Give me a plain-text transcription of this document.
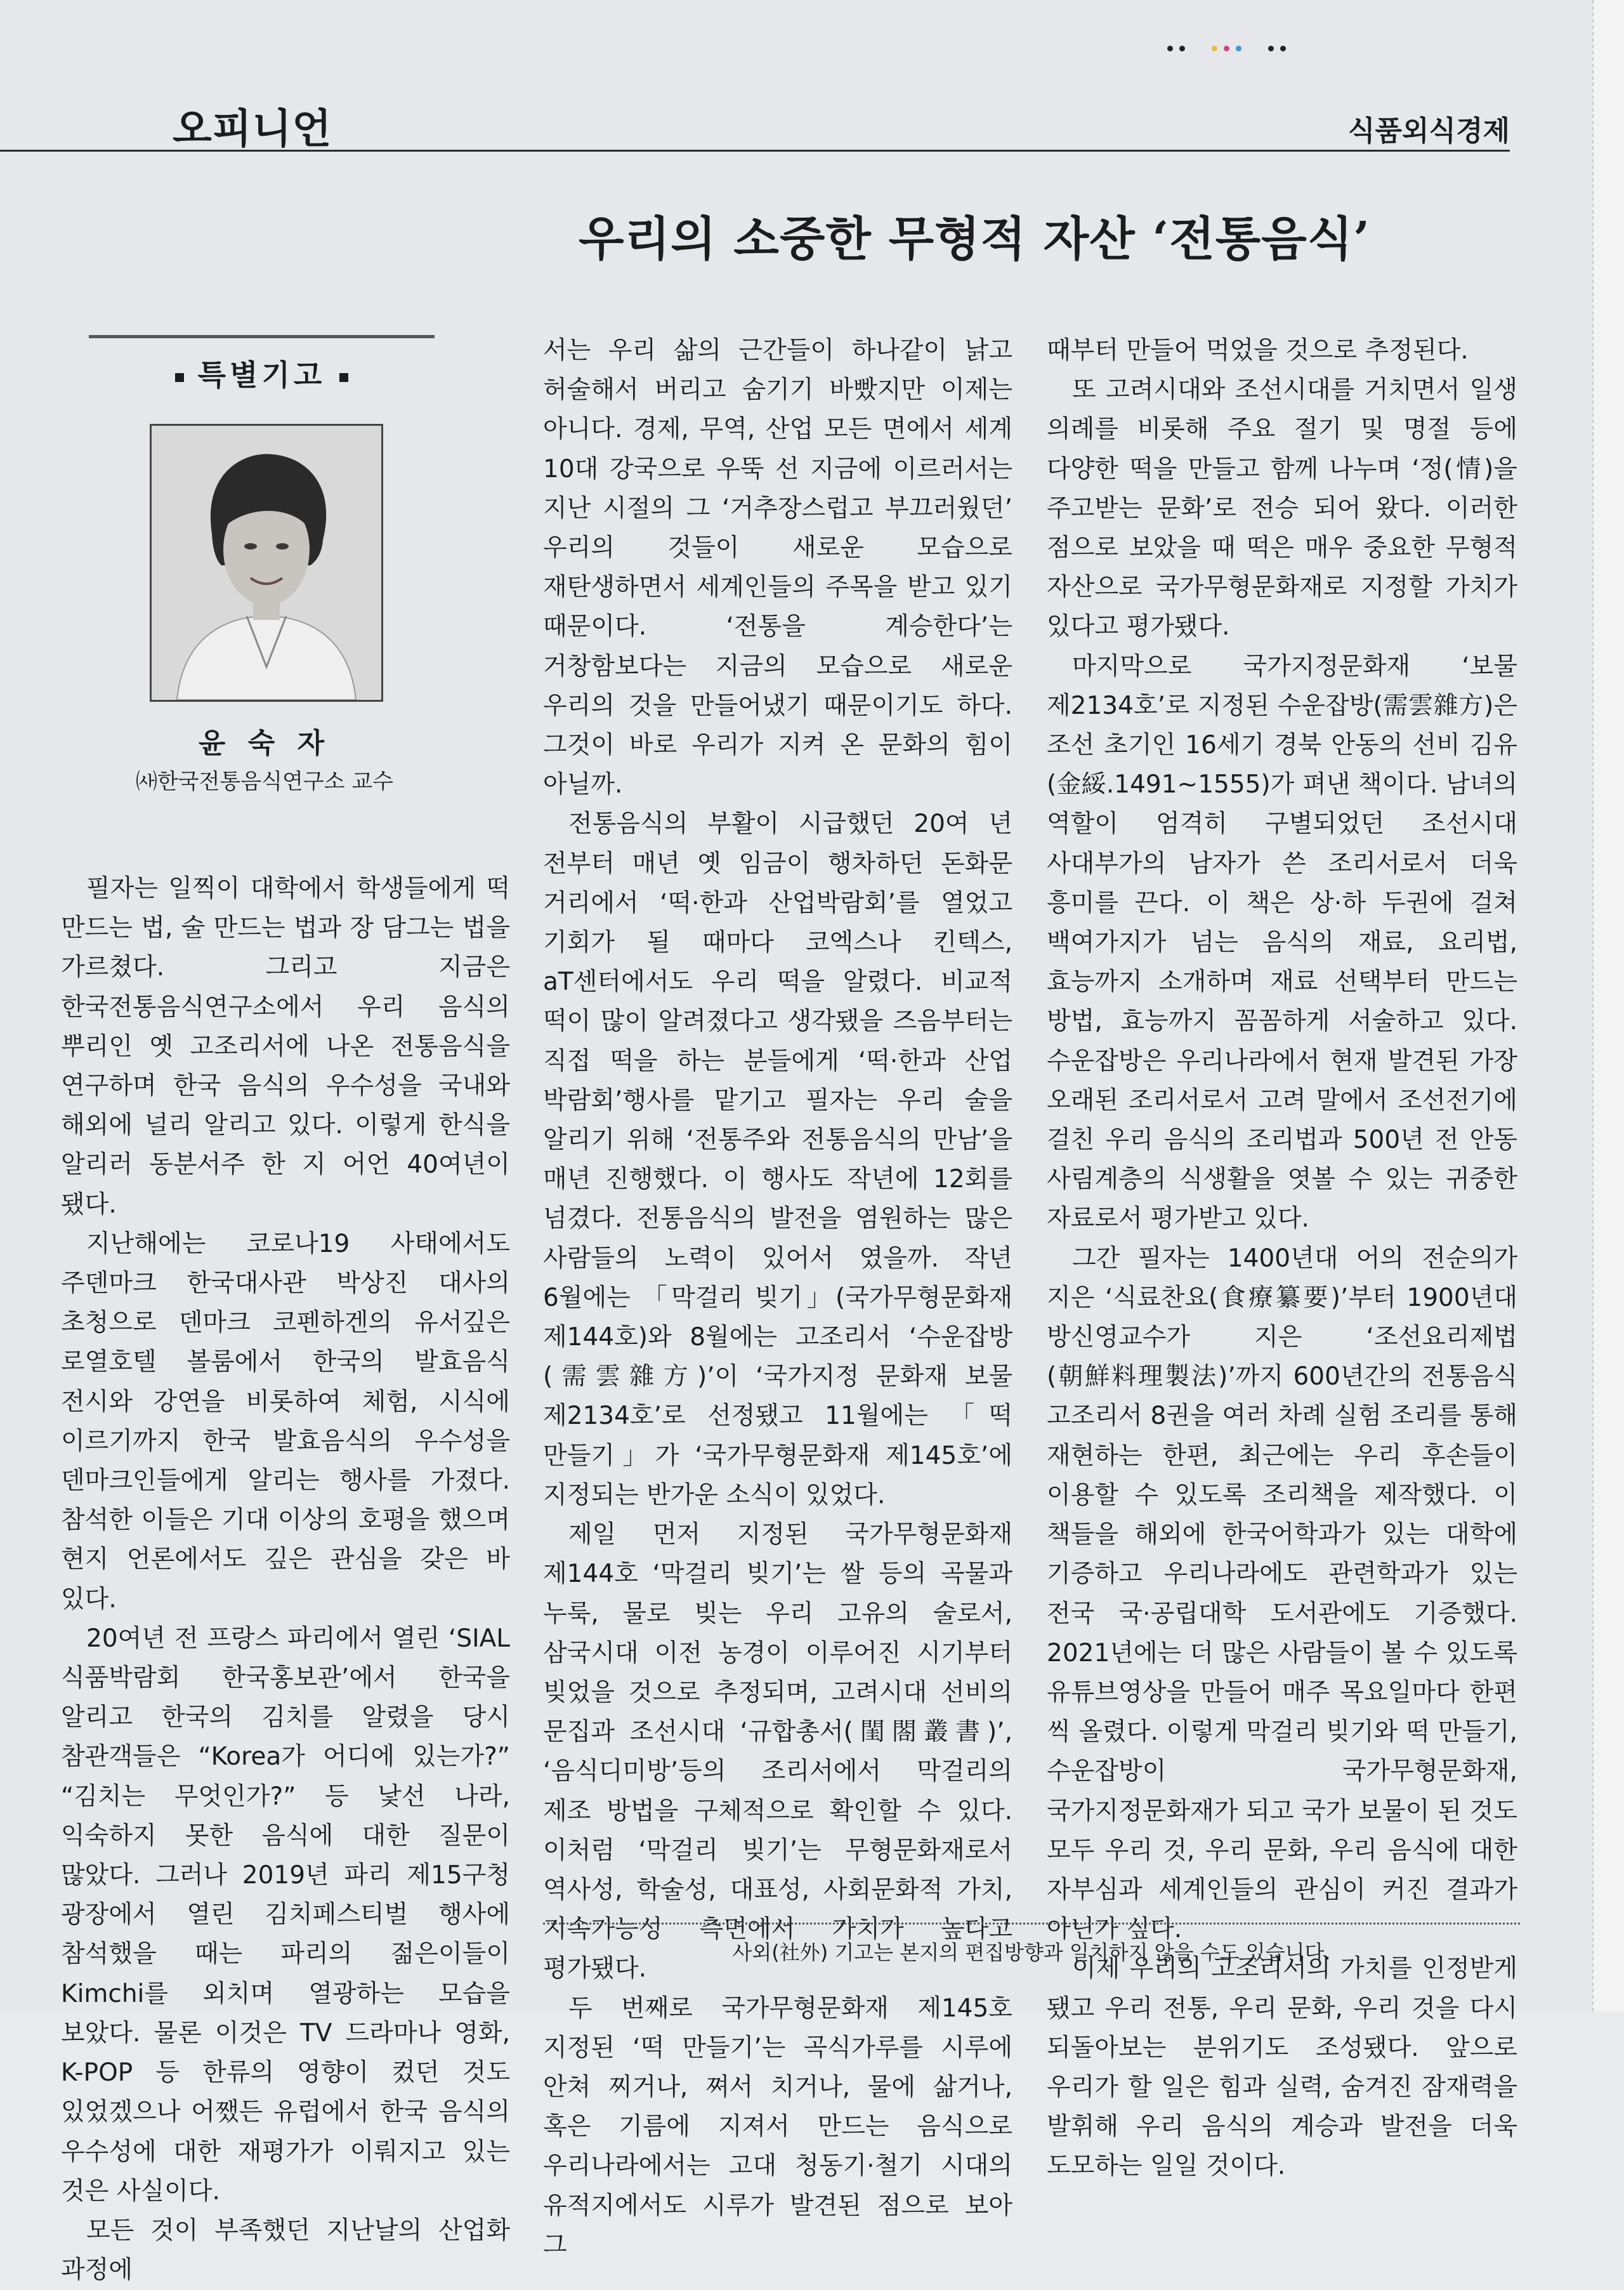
오피니언	식품외식경제
우리의 소중한 무형적 자산 ‘전통음식’
특별기고
윤 숙 자
㈔한국전통음식연구소 교수

필자는 일찍이 대학에서 학생들에게 떡 만드는 법, 술 만드는 법과 장 담그는 법을 가르쳤다. 그리고 지금은 한국전통음식연구소에서 우리 음식의 뿌리인 옛 고조리서에 나온 전통음식을 연구하며 한국 음식의 우수성을 국내와 해외에 널리 알리고 있다. 이렇게 한식을 알리러 동분서주 한 지 어언 40여년이 됐다.

지난해에는 코로나19 사태에서도 주덴마크 한국대사관 박상진 대사의 초청으로 덴마크 코펜하겐의 유서깊은 로열호텔 볼룸에서 한국의 발효음식 전시와 강연을 비롯하여 체험, 시식에 이르기까지 한국 발효음식의 우수성을 덴마크인들에게 알리는 행사를 가졌다. 참석한 이들은 기대 이상의 호평을 했으며 현지 언론에서도 깊은 관심을 갖은 바 있다.

20여년 전 프랑스 파리에서 열린 ‘SIAL 식품박람회 한국홍보관’에서 한국을 알리고 한국의 김치를 알렸을 당시 참관객들은 “Korea가 어디에 있는가?” “김치는 무엇인가?” 등 낯선 나라, 익숙하지 못한 음식에 대한 질문이 많았다. 그러나 2019년 파리 제15구청 광장에서 열린 김치페스티벌 행사에 참석했을 때는 파리의 젊은이들이 Kimchi를 외치며 열광하는 모습을 보았다. 물론 이것은 TV 드라마나 영화, K-POP 등 한류의 영향이 컸던 것도 있었겠으나 어쨌든 유럽에서 한국 음식의 우수성에 대한 재평가가 이뤄지고 있는 것은 사실이다.

모든 것이 부족했던 지난날의 산업화 과정에

서는 우리 삶의 근간들이 하나같이 낡고 허술해서 버리고 숨기기 바빴지만 이제는 아니다. 경제, 무역, 산업 모든 면에서 세계 10대 강국으로 우뚝 선 지금에 이르러서는 지난 시절의 그 ‘거추장스럽고 부끄러웠던’ 우리의 것들이 새로운 모습으로 재탄생하면서 세계인들의 주목을 받고 있기 때문이다. ‘전통을 계승한다’는 거창함보다는 지금의 모습으로 새로운 우리의 것을 만들어냈기 때문이기도 하다. 그것이 바로 우리가 지켜 온 문화의 힘이 아닐까.

전통음식의 부활이 시급했던 20여 년 전부터 매년 옛 임금이 행차하던 돈화문 거리에서 ‘떡·한과 산업박람회’를 열었고 기회가 될 때마다 코엑스나 킨텍스, aT센터에서도 우리 떡을 알렸다. 비교적 떡이 많이 알려졌다고 생각됐을 즈음부터는 직접 떡을 하는 분들에게 ‘떡·한과 산업 박람회’행사를 맡기고 필자는 우리 술을 알리기 위해 ‘전통주와 전통음식의 만남’을 매년 진행했다. 이 행사도 작년에 12회를 넘겼다. 전통음식의 발전을 염원하는 많은 사람들의 노력이 있어서 였을까. 작년 6월에는 「막걸리 빚기」(국가무형문화재 제144호)와 8월에는 고조리서 ‘수운잡방(需雲雜方)’이 ‘국가지정 문화재 보물 제2134호’로 선정됐고 11월에는 「떡 만들기」가 ‘국가무형문화재 제145호’에 지정되는 반가운 소식이 있었다.

제일 먼저 지정된 국가무형문화재 제144호 ‘막걸리 빚기’는 쌀 등의 곡물과 누룩, 물로 빚는 우리 고유의 술로서, 삼국시대 이전 농경이 이루어진 시기부터 빚었을 것으로 추정되며, 고려시대 선비의 문집과 조선시대 ‘규합총서(閨閤叢書)’, ‘음식디미방’등의 조리서에서 막걸리의 제조 방법을 구체적으로 확인할 수 있다. 이처럼 ‘막걸리 빚기’는 무형문화재로서 역사성, 학술성, 대표성, 사회문화적 가치, 지속가능성 측면에서 가치가 높다고 평가됐다.

두 번째로 국가무형문화재 제145호 지정된 ‘떡 만들기’는 곡식가루를 시루에 안쳐 찌거나, 쪄서 치거나, 물에 삶거나, 혹은 기름에 지져서 만드는 음식으로 우리나라에서는 고대 청동기·철기 시대의 유적지에서도 시루가 발견된 점으로 보아 그

때부터 만들어 먹었을 것으로 추정된다.

또 고려시대와 조선시대를 거치면서 일생 의례를 비롯해 주요 절기 및 명절 등에 다양한 떡을 만들고 함께 나누며 ‘정(情)을 주고받는 문화’로 전승 되어 왔다. 이러한 점으로 보았을 때 떡은 매우 중요한 무형적 자산으로 국가무형문화재로 지정할 가치가 있다고 평가됐다.

마지막으로 국가지정문화재 ‘보물 제2134호’로 지정된 수운잡방(需雲雜方)은 조선 초기인 16세기 경북 안동의 선비 김유(金綏.1491~1555)가 펴낸 책이다. 남녀의 역할이 엄격히 구별되었던 조선시대 사대부가의 남자가 쓴 조리서로서 더욱 흥미를 끈다. 이 책은 상·하 두권에 걸쳐 백여가지가 넘는 음식의 재료, 요리법, 효능까지 소개하며 재료 선택부터 만드는 방법, 효능까지 꼼꼼하게 서술하고 있다. 수운잡방은 우리나라에서 현재 발견된 가장 오래된 조리서로서 고려 말에서 조선전기에 걸친 우리 음식의 조리법과 500년 전 안동 사림계층의 식생활을 엿볼 수 있는 귀중한 자료로서 평가받고 있다.

그간 필자는 1400년대 어의 전순의가 지은 ‘식료찬요(食療纂要)’부터 1900년대 방신영교수가 지은 ‘조선요리제법(朝鮮料理製法)’까지 600년간의 전통음식 고조리서 8권을 여러 차례 실험 조리를 통해 재현하는 한편, 최근에는 우리 후손들이 이용할 수 있도록 조리책을 제작했다. 이 책들을 해외에 한국어학과가 있는 대학에 기증하고 우리나라에도 관련학과가 있는 전국 국·공립대학 도서관에도 기증했다. 2021년에는 더 많은 사람들이 볼 수 있도록 유튜브영상을 만들어 매주 목요일마다 한편 씩 올렸다. 이렇게 막걸리 빚기와 떡 만들기, 수운잡방이 국가무형문화재, 국가지정문화재가 되고 국가 보물이 된 것도 모두 우리 것, 우리 문화, 우리 음식에 대한 자부심과 세계인들의 관심이 커진 결과가 아닌가 싶다.

이제 우리의 고조리서의 가치를 인정받게 됐고 우리 전통, 우리 문화, 우리 것을 다시 되돌아보는 분위기도 조성됐다. 앞으로 우리가 할 일은 힘과 실력, 숨겨진 잠재력을 발휘해 우리 음식의 계승과 발전을 더욱 도모하는 일일 것이다.

사외(社外) 기고는 본지의 편집방향과 일치하지 않을 수도 있습니다.
